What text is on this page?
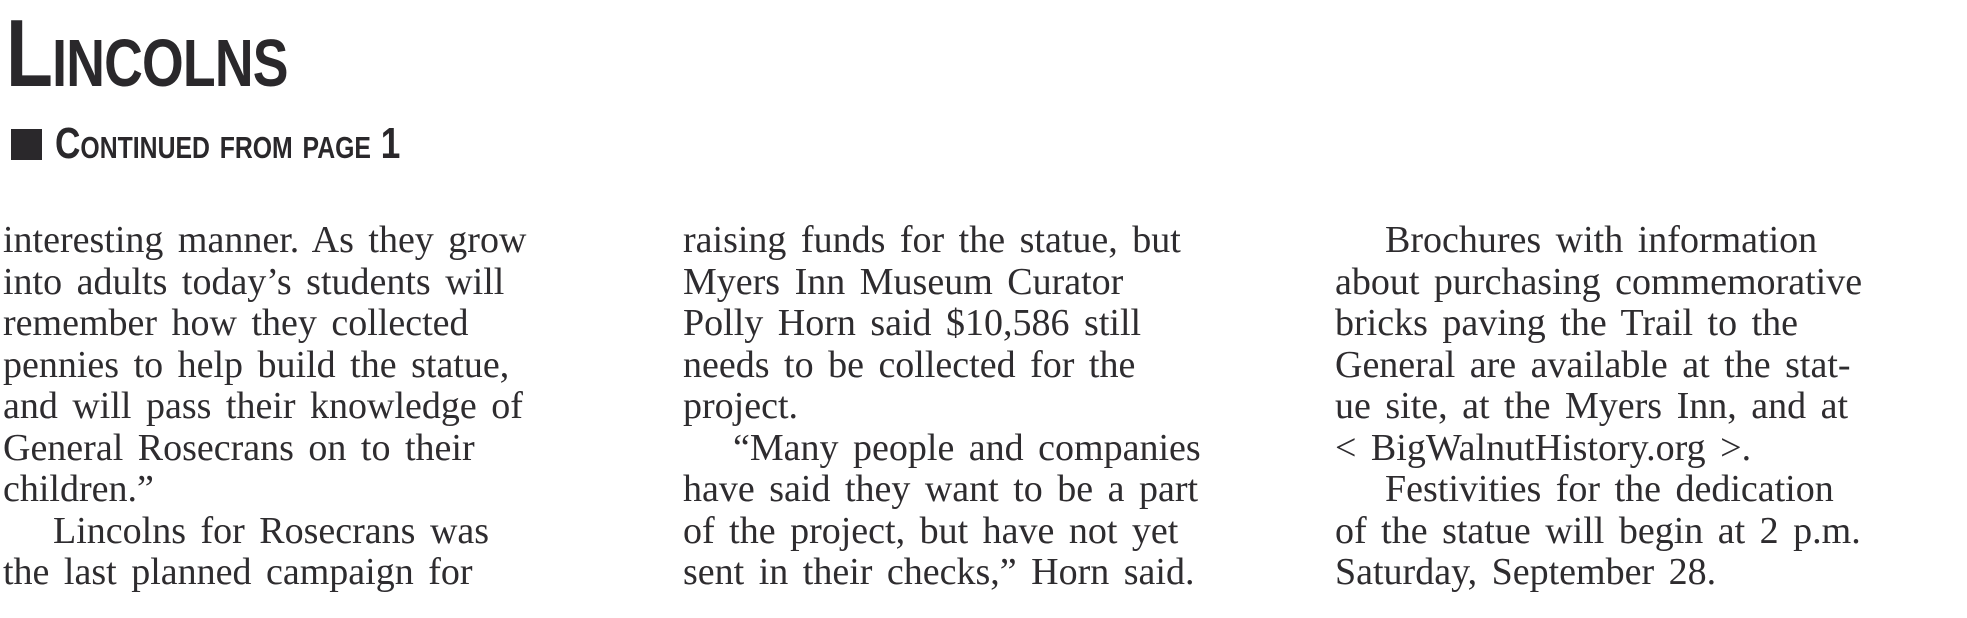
Lincolns
Continued from page 1
interesting manner. As they grow
into adults today’s students will
remember how they collected
pennies to help build the statue,
and will pass their knowledge of
General Rosecrans on to their
children.”
Lincolns for Rosecrans was
the last planned campaign for
raising funds for the statue, but
Myers Inn Museum Curator
Polly Horn said $10,586 still
needs to be collected for the
project.
“Many people and companies
have said they want to be a part
of the project, but have not yet
sent in their checks,” Horn said.
Brochures with information
about purchasing commemorative
bricks paving the Trail to the
General are available at the stat-
ue site, at the Myers Inn, and at
< BigWalnutHistory.org >.
Festivities for the dedication
of the statue will begin at 2 p.m.
Saturday, September 28.
